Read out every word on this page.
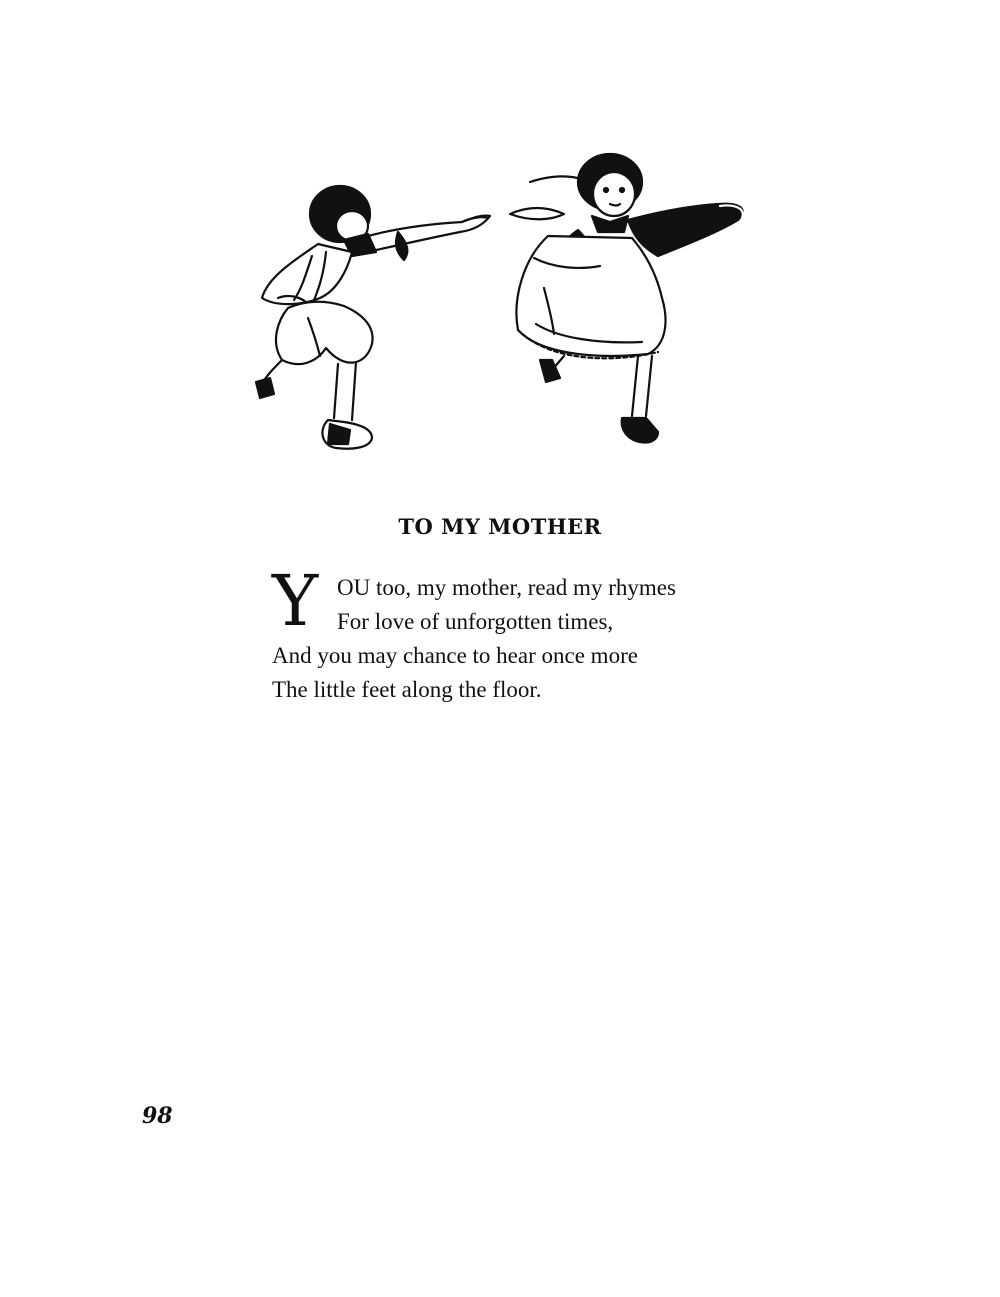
TO MY MOTHER
Y OU too, my mother, read my rhymes
For love of unforgotten times,
And you may chance to hear once more
The little feet along the floor.
98
